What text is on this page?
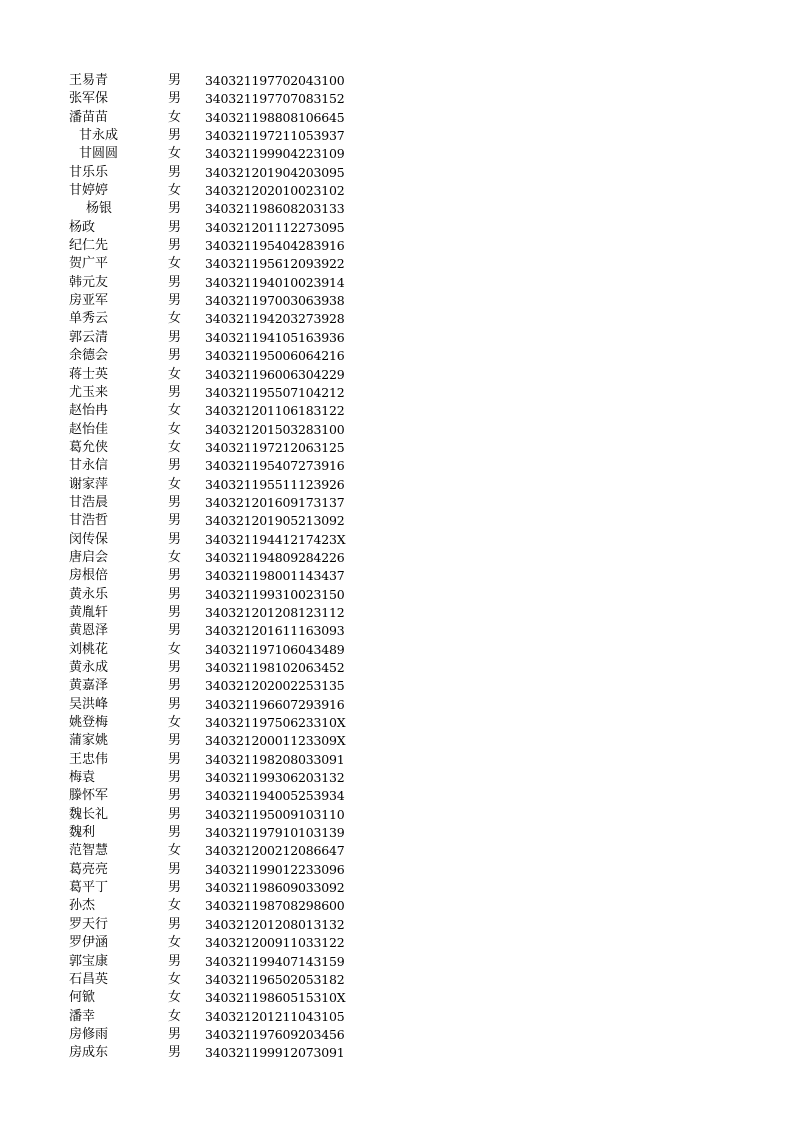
王易青	男	340321197702043100
张军保	男	340321197707083152
潘苗苗	女	340321198808106645
甘永成	男	340321197211053937
甘圆圆	女	340321199904223109
甘乐乐	男	340321201904203095
甘婷婷	女	340321202010023102
杨银	男	340321198608203133
杨政	男	340321201112273095
纪仁先	男	340321195404283916
贺广平	女	340321195612093922
韩元友	男	340321194010023914
房亚军	男	340321197003063938
单秀云	女	340321194203273928
郭云清	男	340321194105163936
余德会	男	340321195006064216
蒋士英	女	340321196006304229
尤玉来	男	340321195507104212
赵怡冉	女	340321201106183122
赵怡佳	女	340321201503283100
葛允侠	女	340321197212063125
甘永信	男	340321195407273916
谢家萍	女	340321195511123926
甘浩晨	男	340321201609173137
甘浩哲	男	340321201905213092
闵传保	男	34032119441217423X
唐启会	女	340321194809284226
房根倍	男	340321198001143437
黄永乐	男	340321199310023150
黄胤轩	男	340321201208123112
黄恩泽	男	340321201611163093
刘桃花	女	340321197106043489
黄永成	男	340321198102063452
黄嘉泽	男	340321202002253135
吴洪峰	男	340321196607293916
姚登梅	女	34032119750623310X
蒲家姚	男	34032120001123309X
王忠伟	男	340321198208033091
梅袁	男	340321199306203132
滕怀军	男	340321194005253934
魏长礼	男	340321195009103110
魏利	男	340321197910103139
范智慧	女	340321200212086647
葛亮亮	男	340321199012233096
葛平丁	男	340321198609033092
孙杰	女	340321198708298600
罗天行	男	340321201208013132
罗伊涵	女	340321200911033122
郭宝康	男	340321199407143159
石昌英	女	340321196502053182
何锨	女	34032119860515310X
潘幸	女	340321201211043105
房修雨	男	340321197609203456
房成东	男	340321199912073091
